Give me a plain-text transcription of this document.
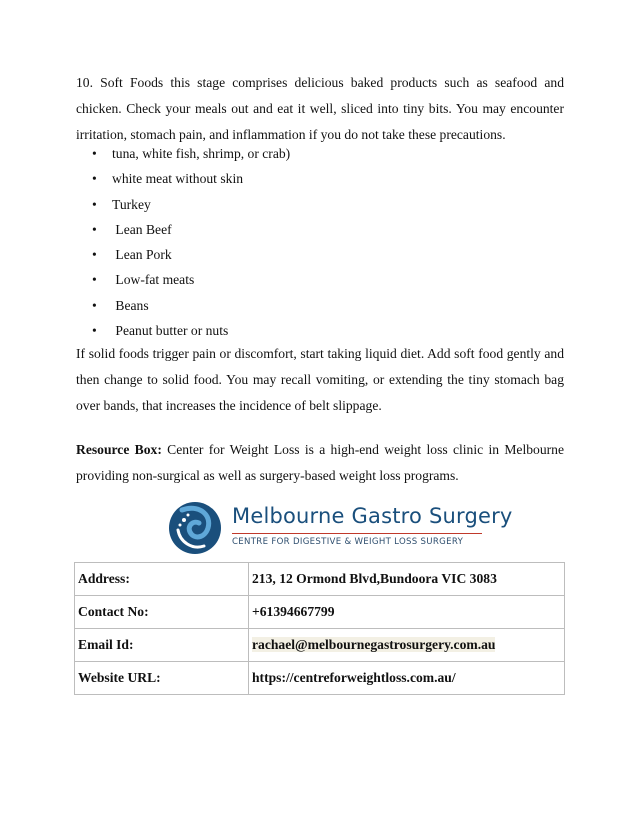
10. Soft Foods this stage comprises delicious baked products such as seafood and chicken. Check your meals out and eat it well, sliced into tiny bits. You may encounter irritation, stomach pain, and inflammation if you do not take these precautions.

• tuna, white fish, shrimp, or crab)
• white meat without skin
• Turkey
• Lean Beef
• Lean Pork
• Low-fat meats
• Beans
• Peanut butter or nuts

If solid foods trigger pain or discomfort, start taking liquid diet. Add soft food gently and then change to solid food. You may recall vomiting, or extending the tiny stomach bag over bands, that increases the incidence of belt slippage.

Resource Box: Center for Weight Loss is a high-end weight loss clinic in Melbourne providing non-surgical as well as surgery-based weight loss programs.

Melbourne Gastro Surgery
CENTRE FOR DIGESTIVE & WEIGHT LOSS SURGERY
Address:	213, 12 Ormond Blvd,Bundoora VIC 3083
Contact No:	+61394667799
Email Id:	rachael@melbournegastrosurgery.com.au
Website URL:	https://centreforweightloss.com.au/
